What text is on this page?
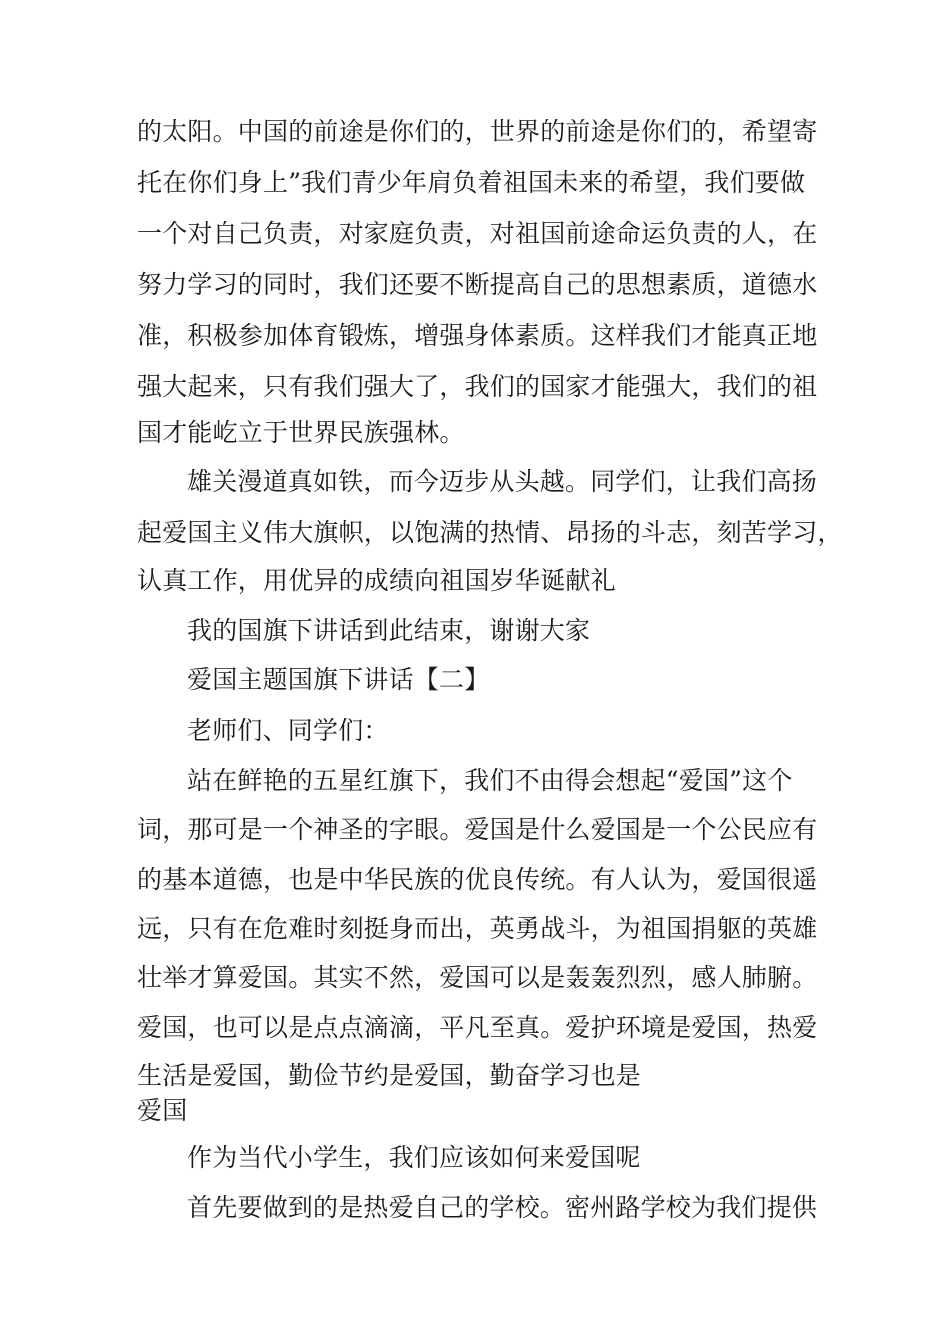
的太阳。中国的前途是你们的，世界的前途是你们的，希望寄
托在你们身上”我们青少年肩负着祖国未来的希望，我们要做
一个对自己负责，对家庭负责，对祖国前途命运负责的人，在
努力学习的同时，我们还要不断提高自己的思想素质，道德水
准，积极参加体育锻炼，增强身体素质。这样我们才能真正地
强大起来，只有我们强大了，我们的国家才能强大，我们的祖
国才能屹立于世界民族强林。
雄关漫道真如铁，而今迈步从头越。同学们，让我们高扬
起爱国主义伟大旗帜，以饱满的热情、昂扬的斗志，刻苦学习，
认真工作，用优异的成绩向祖国岁华诞献礼
我的国旗下讲话到此结束，谢谢大家
爱国主题国旗下讲话【二】
老师们、同学们：
站在鲜艳的五星红旗下，我们不由得会想起“爱国”这个
词，那可是一个神圣的字眼。爱国是什么爱国是一个公民应有
的基本道德，也是中华民族的优良传统。有人认为，爱国很遥
远，只有在危难时刻挺身而出，英勇战斗，为祖国捐躯的英雄
壮举才算爱国。其实不然，爱国可以是轰轰烈烈，感人肺腑。
爱国，也可以是点点滴滴，平凡至真。爱护环境是爱国，热爱
生活是爱国，勤俭节约是爱国，勤奋学习也是
爱国
作为当代小学生，我们应该如何来爱国呢
首先要做到的是热爱自己的学校。密州路学校为我们提供
